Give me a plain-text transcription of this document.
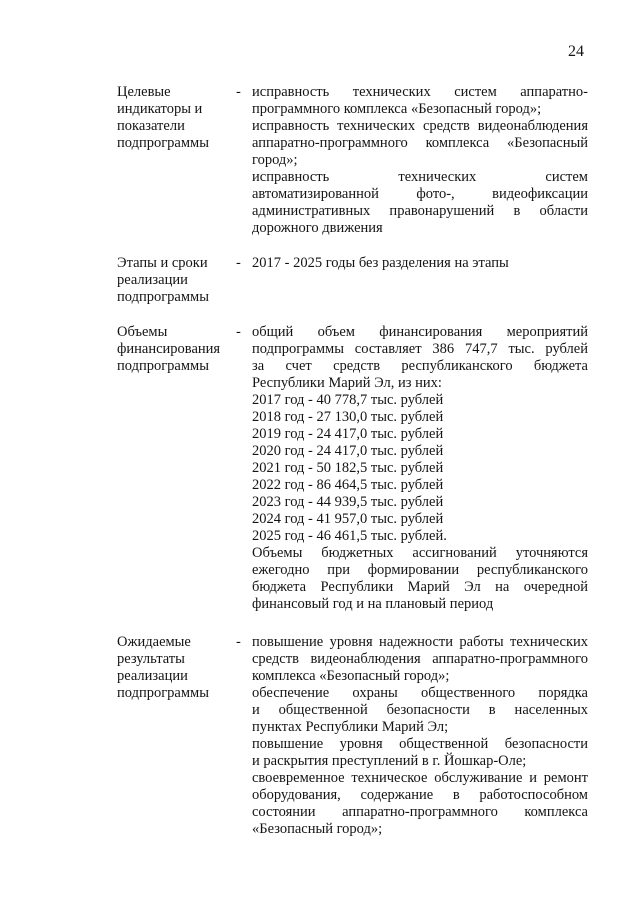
24
Целевые
индикаторы и
показатели
подпрограммы
- исправность технических систем аппаратно-
программного комплекса «Безопасный город»;
исправность технических средств видеонаблюдения
аппаратно-программного комплекса «Безопасный
город»;
исправность технических систем
автоматизированной фото-, видеофиксации
административных правонарушений в области
дорожного движения
Этапы и сроки
реализации
подпрограммы
- 2017 - 2025 годы без разделения на этапы
Объемы
финансирования
подпрограммы
- общий объем финансирования мероприятий
подпрограммы составляет 386 747,7 тыс. рублей
за счет средств республиканского бюджета
Республики Марий Эл, из них:
2017 год - 40 778,7 тыс. рублей
2018 год - 27 130,0 тыс. рублей
2019 год - 24 417,0 тыс. рублей
2020 год - 24 417,0 тыс. рублей
2021 год - 50 182,5 тыс. рублей
2022 год - 86 464,5 тыс. рублей
2023 год - 44 939,5 тыс. рублей
2024 год - 41 957,0 тыс. рублей
2025 год - 46 461,5 тыс. рублей.
Объемы бюджетных ассигнований уточняются
ежегодно при формировании республиканского
бюджета Республики Марий Эл на очередной
финансовый год и на плановый период
Ожидаемые
результаты
реализации
подпрограммы
- повышение уровня надежности работы технических
средств видеонаблюдения аппаратно-программного
комплекса «Безопасный город»;
обеспечение охраны общественного порядка
и общественной безопасности в населенных
пунктах Республики Марий Эл;
повышение уровня общественной безопасности
и раскрытия преступлений в г. Йошкар-Оле;
своевременное техническое обслуживание и ремонт
оборудования, содержание в работоспособном
состоянии аппаратно-программного комплекса
«Безопасный город»;
